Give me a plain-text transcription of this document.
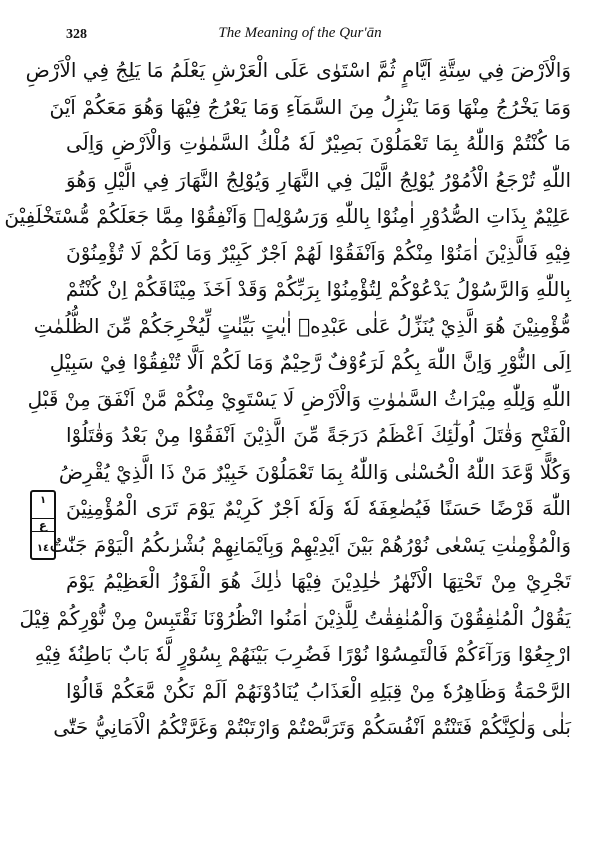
328	The Meaning of the Qur'ān
١
ع
١٤
وَالْاَرْضَ فِي سِتَّةِ اَيَّامٍ ثُمَّ اسْتَوٰى عَلَى الْعَرْشِ يَعْلَمُ مَا يَلِجُ فِي الْاَرْضِ
وَمَا يَخْرُجُ مِنْهَا وَمَا يَنْزِلُ مِنَ السَّمَآءِ وَمَا يَعْرُجُ فِيْهَا وَهُوَ مَعَكُمْ اَيْنَ
مَا كُنْتُمْ وَاللّٰهُ بِمَا تَعْمَلُوْنَ بَصِيْرٌ لَهٗ مُلْكُ السَّمٰوٰتِ وَالْاَرْضِ وَاِلَى
اللّٰهِ تُرْجَعُ الْاُمُوْرُ يُوْلِجُ الَّيْلَ فِي النَّهَارِ وَيُوْلِجُ النَّهَارَ فِي الَّيْلِ وَهُوَ
عَلِيْمٌ بِذَاتِ الصُّدُوْرِ اٰمِنُوْا بِاللّٰهِ وَرَسُوْلِهٖ وَاَنْفِقُوْا مِمَّا جَعَلَكُمْ مُّسْتَخْلَفِيْنَ
فِيْهِ فَالَّذِيْنَ اٰمَنُوْا مِنْكُمْ وَاَنْفَقُوْا لَهُمْ اَجْرٌ كَبِيْرٌ وَمَا لَكُمْ لَا تُؤْمِنُوْنَ
بِاللّٰهِ وَالرَّسُوْلُ يَدْعُوْكُمْ لِتُؤْمِنُوْا بِرَبِّكُمْ وَقَدْ اَخَذَ مِيْثَاقَكُمْ اِنْ كُنْتُمْ
مُّؤْمِنِيْنَ هُوَ الَّذِيْ يُنَزِّلُ عَلٰى عَبْدِهٖ اٰيٰتٍ بَيِّنٰتٍ لِّيُخْرِجَكُمْ مِّنَ الظُّلُمٰتِ
اِلَى النُّوْرِ وَاِنَّ اللّٰهَ بِكُمْ لَرَءُوْفٌ رَّحِيْمٌ وَمَا لَكُمْ اَلَّا تُنْفِقُوْا فِيْ سَبِيْلِ
اللّٰهِ وَلِلّٰهِ مِيْرَاثُ السَّمٰوٰتِ وَالْاَرْضِ لَا يَسْتَوِيْ مِنْكُمْ مَّنْ اَنْفَقَ مِنْ قَبْلِ
الْفَتْحِ وَقٰتَلَ اُولٰٓئِكَ اَعْظَمُ دَرَجَةً مِّنَ الَّذِيْنَ اَنْفَقُوْا مِنْ بَعْدُ وَقٰتَلُوْا
وَكُلًّا وَّعَدَ اللّٰهُ الْحُسْنٰى وَاللّٰهُ بِمَا تَعْمَلُوْنَ خَبِيْرٌ مَنْ ذَا الَّذِيْ يُقْرِضُ
اللّٰهَ قَرْضًا حَسَنًا فَيُضٰعِفَهٗ لَهٗ وَلَهٗ اَجْرٌ كَرِيْمٌ يَوْمَ تَرَى الْمُؤْمِنِيْنَ
وَالْمُؤْمِنٰتِ يَسْعٰى نُوْرُهُمْ بَيْنَ اَيْدِيْهِمْ وَبِاَيْمَانِهِمْ بُشْرٰىكُمُ الْيَوْمَ جَنّٰتٌ
تَجْرِيْ مِنْ تَحْتِهَا الْاَنْهٰرُ خٰلِدِيْنَ فِيْهَا ذٰلِكَ هُوَ الْفَوْزُ الْعَظِيْمُ يَوْمَ
يَقُوْلُ الْمُنٰفِقُوْنَ وَالْمُنٰفِقٰتُ لِلَّذِيْنَ اٰمَنُوا انْظُرُوْنَا نَقْتَبِسْ مِنْ نُّوْرِكُمْ قِيْلَ
ارْجِعُوْا وَرَآءَكُمْ فَالْتَمِسُوْا نُوْرًا فَضُرِبَ بَيْنَهُمْ بِسُوْرٍ لَّهٗ بَابٌ بَاطِنُهٗ فِيْهِ
الرَّحْمَةُ وَظَاهِرُهٗ مِنْ قِبَلِهِ الْعَذَابُ يُنَادُوْنَهُمْ اَلَمْ نَكُنْ مَّعَكُمْ قَالُوْا
بَلٰى وَلٰكِنَّكُمْ فَتَنْتُمْ اَنْفُسَكُمْ وَتَرَبَّصْتُمْ وَارْتَبْتُمْ وَغَرَّتْكُمُ الْاَمَانِيُّ حَتّٰى
